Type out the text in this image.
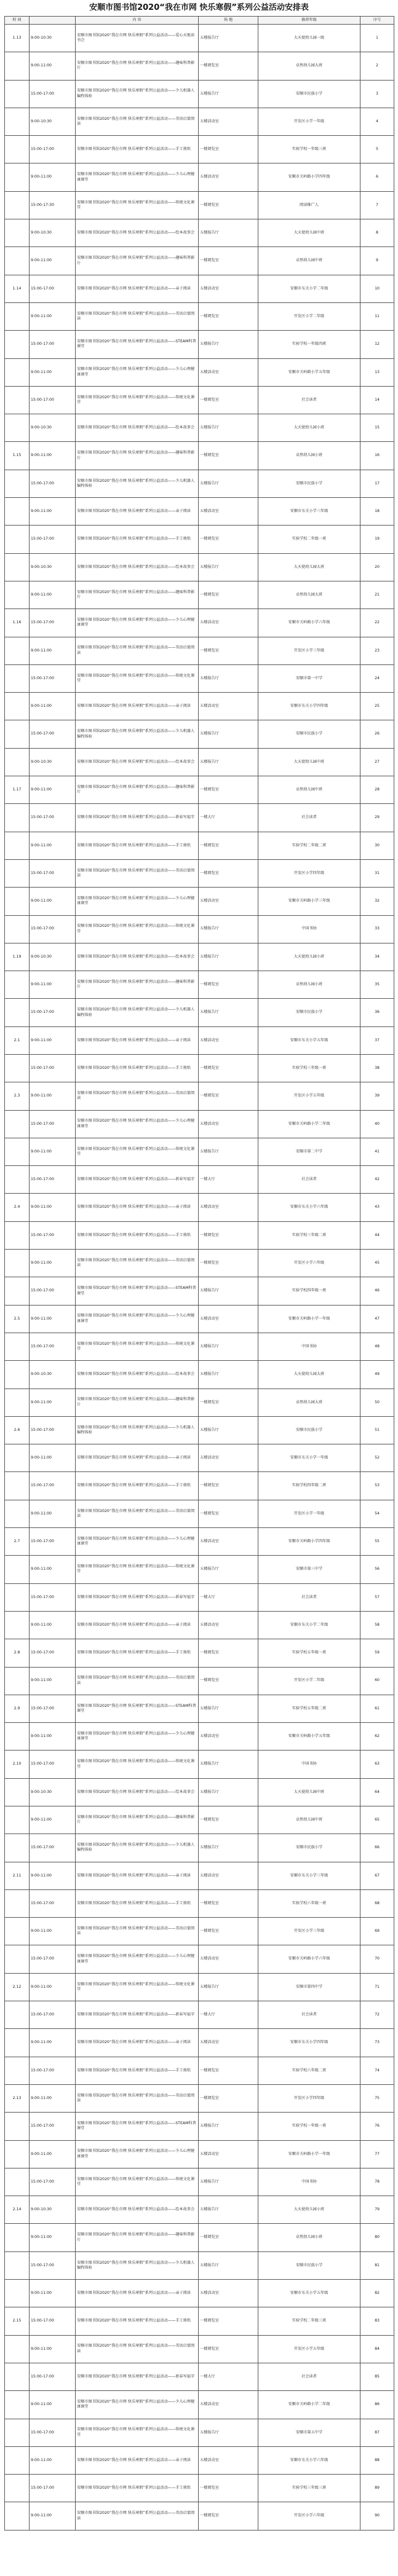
安顺市图书馆2020“我在市网 快乐寒假”系列公益活动安排表
时 间		内 容	场 地	推荐年级	序号
1.13	9:00-10:30	安顺市图书馆2020“我在市网 快乐寒假”系列公益活动——爱心天地读书会	五楼报告厅	大天使幼儿园一级	1
	9:00-11:00	安顺市图书馆2020“我在市网 快乐寒假”系列公益活动——趣味科普影片	一楼阅览室	卓然幼儿园大班	2
	15:00-17:00	安顺市图书馆2020“我在市网 快乐寒假”系列公益活动——少儿机器人编程体验	五楼报告厅	安顺市民族小学	3
	9:00-10:30	安顺市图书馆2020“我在市网 快乐寒假”系列公益活动——英语启蒙阅读	五楼活动室	开发区小学一年级	4
	15:00-17:00	安顺市图书馆2020“我在市网 快乐寒假”系列公益活动——手工剪纸	一楼阅览室	实验学校一年级三班	5
	9:00-11:00	安顺市图书馆2020“我在市网 快乐寒假”系列公益活动——少儿心理健康课堂	五楼活动室	安顺市关岭路小学四年级	6
	15:00-17:30	安顺市图书馆2020“我在市网 快乐寒假”系列公益活动——传统文化课堂	一楼阅览室	阅读推广人	7
	9:00-10:30	安顺市图书馆2020“我在市网 快乐寒假”系列公益活动——绘本故事会	五楼报告厅	大天使幼儿园中班	8
	9:00-11:00	安顺市图书馆2020“我在市网 快乐寒假”系列公益活动——趣味科普影片	一楼阅览室	卓然幼儿园中班	9
1.14	15:00-17:00	安顺市图书馆2020“我在市网 快乐寒假”系列公益活动——亲子阅读	五楼活动室	安顺市东关小学二年级	10
	9:00-11:00	安顺市图书馆2020“我在市网 快乐寒假”系列公益活动——英语启蒙阅读	一楼阅览室	开发区小学二年级	11
	15:00-17:00	安顺市图书馆2020“我在市网 快乐寒假”系列公益活动——STEAM科普课堂	五楼报告厅	实验学校一年级四班	12
	9:00-11:00	安顺市图书馆2020“我在市网 快乐寒假”系列公益活动——少儿心理健康课堂	五楼活动室	安顺市关岭路小学五年级	13
	15:00-17:00	安顺市图书馆2020“我在市网 快乐寒假”系列公益活动——传统文化课堂	一楼阅览室	社会读者	14
	9:00-10:30	安顺市图书馆2020“我在市网 快乐寒假”系列公益活动——绘本故事会	五楼报告厅	大天使幼儿园小班	15
1.15	9:00-11:00	安顺市图书馆2020“我在市网 快乐寒假”系列公益活动——趣味科普影片	一楼阅览室	卓然幼儿园小班	16
	15:00-17:00	安顺市图书馆2020“我在市网 快乐寒假”系列公益活动——少儿机器人编程体验	五楼报告厅	安顺市民族小学	17
	9:00-11:00	安顺市图书馆2020“我在市网 快乐寒假”系列公益活动——亲子阅读	五楼活动室	安顺市东关小学三年级	18
	15:00-17:00	安顺市图书馆2020“我在市网 快乐寒假”系列公益活动——手工剪纸	一楼阅览室	实验学校二年级一班	19
	9:00-10:30	安顺市图书馆2020“我在市网 快乐寒假”系列公益活动——绘本故事会	五楼报告厅	大天使幼儿园大班	20
	9:00-11:00	安顺市图书馆2020“我在市网 快乐寒假”系列公益活动——趣味科普影片	一楼阅览室	卓然幼儿园大班	21
1.16	15:00-17:00	安顺市图书馆2020“我在市网 快乐寒假”系列公益活动——少儿心理健康课堂	五楼活动室	安顺市关岭路小学六年级	22
	9:00-11:00	安顺市图书馆2020“我在市网 快乐寒假”系列公益活动——英语启蒙阅读	一楼阅览室	开发区小学三年级	23
	15:00-17:00	安顺市图书馆2020“我在市网 快乐寒假”系列公益活动——传统文化课堂	五楼报告厅	安顺市第一中学	24
	9:00-11:00	安顺市图书馆2020“我在市网 快乐寒假”系列公益活动——亲子阅读	五楼活动室	安顺市东关小学四年级	25
	15:00-17:00	安顺市图书馆2020“我在市网 快乐寒假”系列公益活动——少儿机器人编程体验	五楼报告厅	安顺市民族小学	26
	9:00-10:30	安顺市图书馆2020“我在市网 快乐寒假”系列公益活动——绘本故事会	五楼报告厅	大天使幼儿园中班	27
1.17	9:00-11:00	安顺市图书馆2020“我在市网 快乐寒假”系列公益活动——趣味科普影片	一楼阅览室	卓然幼儿园中班	28
	15:00-17:00	安顺市图书馆2020“我在市网 快乐寒假”系列公益活动——新春写福字	一楼大厅	社会读者	29
	9:00-11:00	安顺市图书馆2020“我在市网 快乐寒假”系列公益活动——手工剪纸	一楼阅览室	实验学校二年级二班	30
	15:00-17:00	安顺市图书馆2020“我在市网 快乐寒假”系列公益活动——英语启蒙阅读	一楼阅览室	开发区小学四年级	31
	9:00-11:00	安顺市图书馆2020“我在市网 快乐寒假”系列公益活动——少儿心理健康课堂	五楼活动室	安顺市关岭路小学三年级	32
	15:00-17:00	安顺市图书馆2020“我在市网 快乐寒假”系列公益活动——传统文化课堂	五楼报告厅	中国书协	33
1.19	9:00-10:30	安顺市图书馆2020“我在市网 快乐寒假”系列公益活动——绘本故事会	五楼报告厅	大天使幼儿园小班	34
	9:00-11:00	安顺市图书馆2020“我在市网 快乐寒假”系列公益活动——趣味科普影片	一楼阅览室	卓然幼儿园小班	35
	15:00-17:00	安顺市图书馆2020“我在市网 快乐寒假”系列公益活动——少儿机器人编程体验	五楼报告厅	安顺市民族小学	36
2.1	9:00-11:00	安顺市图书馆2020“我在市网 快乐寒假”系列公益活动——亲子阅读	五楼活动室	安顺市东关小学五年级	37
	15:00-17:00	安顺市图书馆2020“我在市网 快乐寒假”系列公益活动——手工剪纸	一楼阅览室	实验学校三年级一班	38
2.3	9:00-11:00	安顺市图书馆2020“我在市网 快乐寒假”系列公益活动——英语启蒙阅读	一楼阅览室	开发区小学五年级	39
	15:00-17:00	安顺市图书馆2020“我在市网 快乐寒假”系列公益活动——少儿心理健康课堂	五楼活动室	安顺市关岭路小学二年级	40
	9:00-11:00	安顺市图书馆2020“我在市网 快乐寒假”系列公益活动——传统文化课堂	五楼报告厅	安顺市第二中学	41
	15:00-17:00	安顺市图书馆2020“我在市网 快乐寒假”系列公益活动——新春写福字	一楼大厅	社会读者	42
2.4	9:00-11:00	安顺市图书馆2020“我在市网 快乐寒假”系列公益活动——亲子阅读	五楼活动室	安顺市东关小学六年级	43
	15:00-17:00	安顺市图书馆2020“我在市网 快乐寒假”系列公益活动——手工剪纸	一楼阅览室	实验学校三年级二班	44
	9:00-11:00	安顺市图书馆2020“我在市网 快乐寒假”系列公益活动——英语启蒙阅读	一楼阅览室	开发区小学六年级	45
	15:00-17:00	安顺市图书馆2020“我在市网 快乐寒假”系列公益活动——STEAM科普课堂	五楼报告厅	实验学校四年级一班	46
2.5	9:00-11:00	安顺市图书馆2020“我在市网 快乐寒假”系列公益活动——少儿心理健康课堂	五楼活动室	安顺市关岭路小学一年级	47
	15:00-17:00	安顺市图书馆2020“我在市网 快乐寒假”系列公益活动——传统文化课堂	五楼报告厅	中国书协	48
	9:00-10:30	安顺市图书馆2020“我在市网 快乐寒假”系列公益活动——绘本故事会	五楼报告厅	大天使幼儿园大班	49
	9:00-11:00	安顺市图书馆2020“我在市网 快乐寒假”系列公益活动——趣味科普影片	一楼阅览室	卓然幼儿园大班	50
2.6	15:00-17:00	安顺市图书馆2020“我在市网 快乐寒假”系列公益活动——少儿机器人编程体验	五楼报告厅	安顺市民族小学	51
	9:00-11:00	安顺市图书馆2020“我在市网 快乐寒假”系列公益活动——亲子阅读	五楼活动室	安顺市东关小学一年级	52
	15:00-17:00	安顺市图书馆2020“我在市网 快乐寒假”系列公益活动——手工剪纸	一楼阅览室	实验学校四年级二班	53
	9:00-11:00	安顺市图书馆2020“我在市网 快乐寒假”系列公益活动——英语启蒙阅读	一楼阅览室	开发区小学一年级	54
2.7	15:00-17:00	安顺市图书馆2020“我在市网 快乐寒假”系列公益活动——少儿心理健康课堂	五楼活动室	安顺市关岭路小学四年级	55
	9:00-11:00	安顺市图书馆2020“我在市网 快乐寒假”系列公益活动——传统文化课堂	五楼报告厅	安顺市第三中学	56
	15:00-17:00	安顺市图书馆2020“我在市网 快乐寒假”系列公益活动——新春写福字	一楼大厅	社会读者	57
	9:00-11:00	安顺市图书馆2020“我在市网 快乐寒假”系列公益活动——亲子阅读	五楼活动室	安顺市东关小学二年级	58
2.8	15:00-17:00	安顺市图书馆2020“我在市网 快乐寒假”系列公益活动——手工剪纸	一楼阅览室	实验学校五年级一班	59
	9:00-11:00	安顺市图书馆2020“我在市网 快乐寒假”系列公益活动——英语启蒙阅读	一楼阅览室	开发区小学二年级	60
2.9	15:00-17:00	安顺市图书馆2020“我在市网 快乐寒假”系列公益活动——STEAM科普课堂	五楼报告厅	实验学校五年级二班	61
	9:00-11:00	安顺市图书馆2020“我在市网 快乐寒假”系列公益活动——少儿心理健康课堂	五楼活动室	安顺市关岭路小学五年级	62
2.10	15:00-17:00	安顺市图书馆2020“我在市网 快乐寒假”系列公益活动——传统文化课堂	五楼报告厅	中国书协	63
	9:00-10:30	安顺市图书馆2020“我在市网 快乐寒假”系列公益活动——绘本故事会	五楼报告厅	大天使幼儿园中班	64
	9:00-11:00	安顺市图书馆2020“我在市网 快乐寒假”系列公益活动——趣味科普影片	一楼阅览室	卓然幼儿园中班	65
	15:00-17:00	安顺市图书馆2020“我在市网 快乐寒假”系列公益活动——少儿机器人编程体验	五楼报告厅	安顺市民族小学	66
2.11	9:00-11:00	安顺市图书馆2020“我在市网 快乐寒假”系列公益活动——亲子阅读	五楼活动室	安顺市东关小学三年级	67
	15:00-17:00	安顺市图书馆2020“我在市网 快乐寒假”系列公益活动——手工剪纸	一楼阅览室	实验学校六年级一班	68
	9:00-11:00	安顺市图书馆2020“我在市网 快乐寒假”系列公益活动——英语启蒙阅读	一楼阅览室	开发区小学三年级	69
	15:00-17:00	安顺市图书馆2020“我在市网 快乐寒假”系列公益活动——少儿心理健康课堂	五楼活动室	安顺市关岭路小学六年级	70
2.12	9:00-11:00	安顺市图书馆2020“我在市网 快乐寒假”系列公益活动——传统文化课堂	五楼报告厅	安顺市第四中学	71
	15:00-17:00	安顺市图书馆2020“我在市网 快乐寒假”系列公益活动——新春写福字	一楼大厅	社会读者	72
	9:00-11:00	安顺市图书馆2020“我在市网 快乐寒假”系列公益活动——亲子阅读	五楼活动室	安顺市东关小学四年级	73
	15:00-17:00	安顺市图书馆2020“我在市网 快乐寒假”系列公益活动——手工剪纸	一楼阅览室	实验学校六年级二班	74
2.13	9:00-11:00	安顺市图书馆2020“我在市网 快乐寒假”系列公益活动——英语启蒙阅读	一楼阅览室	开发区小学四年级	75
	15:00-17:00	安顺市图书馆2020“我在市网 快乐寒假”系列公益活动——STEAM科普课堂	五楼报告厅	实验学校一年级一班	76
	9:00-11:00	安顺市图书馆2020“我在市网 快乐寒假”系列公益活动——少儿心理健康课堂	五楼活动室	安顺市关岭路小学一年级	77
	15:00-17:00	安顺市图书馆2020“我在市网 快乐寒假”系列公益活动——传统文化课堂	五楼报告厅	中国书协	78
2.14	9:00-10:30	安顺市图书馆2020“我在市网 快乐寒假”系列公益活动——绘本故事会	五楼报告厅	大天使幼儿园小班	79
	9:00-11:00	安顺市图书馆2020“我在市网 快乐寒假”系列公益活动——趣味科普影片	一楼阅览室	卓然幼儿园小班	80
	15:00-17:00	安顺市图书馆2020“我在市网 快乐寒假”系列公益活动——少儿机器人编程体验	五楼报告厅	安顺市民族小学	81
	9:00-11:00	安顺市图书馆2020“我在市网 快乐寒假”系列公益活动——亲子阅读	五楼活动室	安顺市东关小学五年级	82
2.15	15:00-17:00	安顺市图书馆2020“我在市网 快乐寒假”系列公益活动——手工剪纸	一楼阅览室	实验学校二年级三班	83
	9:00-11:00	安顺市图书馆2020“我在市网 快乐寒假”系列公益活动——英语启蒙阅读	一楼阅览室	开发区小学五年级	84
	15:00-17:00	安顺市图书馆2020“我在市网 快乐寒假”系列公益活动——新春写福字	一楼大厅	社会读者	85
	9:00-11:00	安顺市图书馆2020“我在市网 快乐寒假”系列公益活动——少儿心理健康课堂	五楼活动室	安顺市关岭路小学二年级	86
	15:00-17:00	安顺市图书馆2020“我在市网 快乐寒假”系列公益活动——传统文化课堂	五楼报告厅	安顺市第五中学	87
	9:00-11:00	安顺市图书馆2020“我在市网 快乐寒假”系列公益活动——亲子阅读	五楼活动室	安顺市东关小学六年级	88
	15:00-17:00	安顺市图书馆2020“我在市网 快乐寒假”系列公益活动——手工剪纸	一楼阅览室	实验学校三年级三班	89
	9:00-11:00	安顺市图书馆2020“我在市网 快乐寒假”系列公益活动——英语启蒙阅读	一楼阅览室	开发区小学六年级	90
